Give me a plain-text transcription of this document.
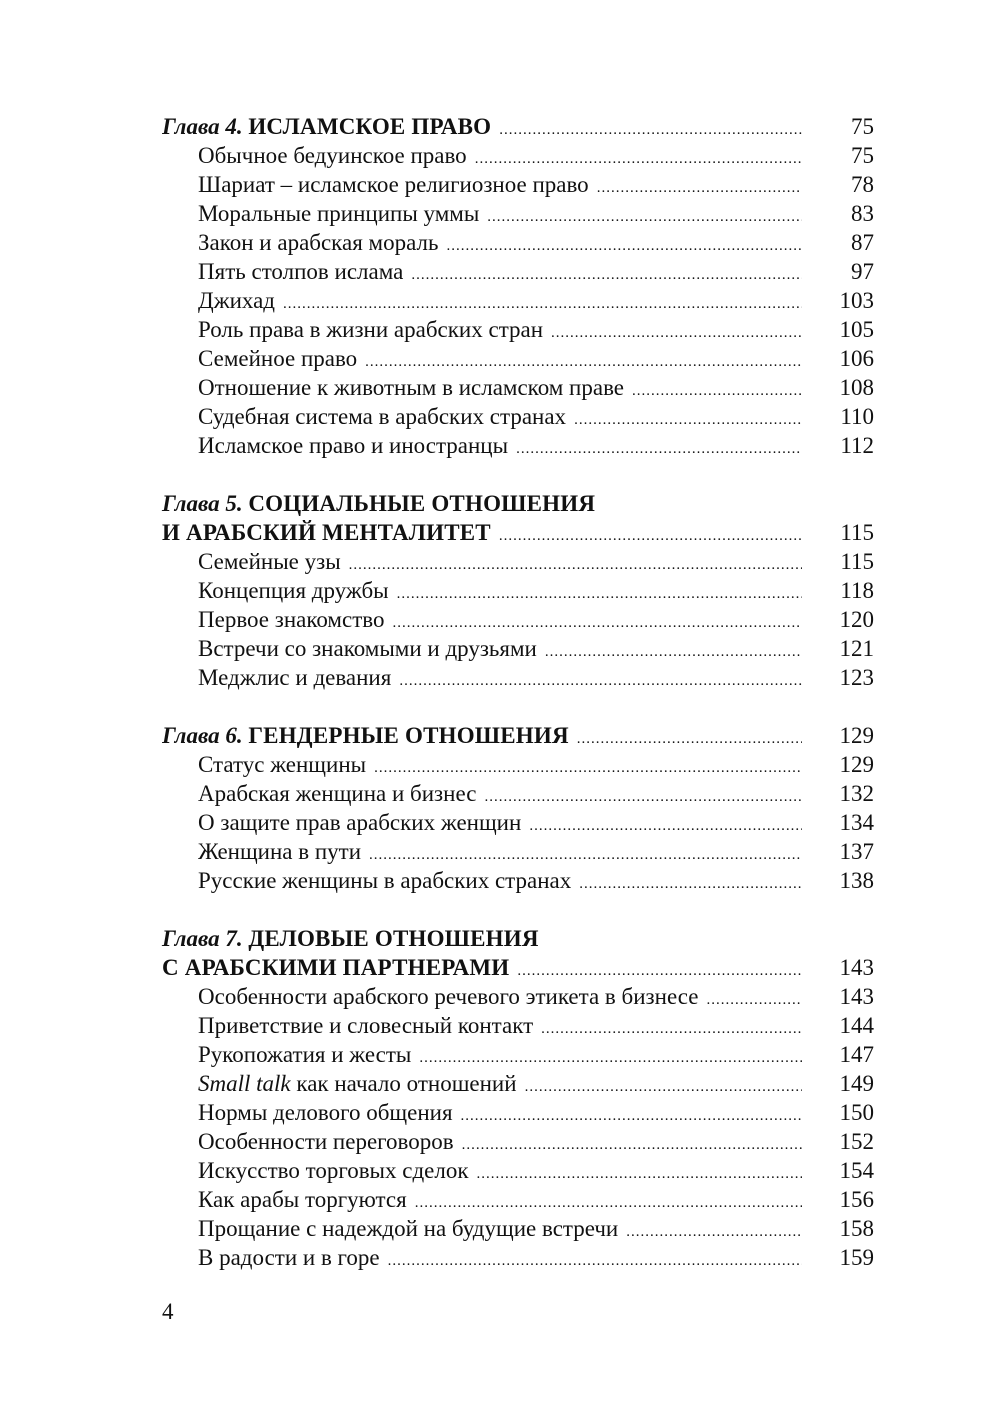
Глава 4. ИСЛАМСКОЕ ПРАВО .....	75
Обычное бедуинское право .....	75
Шариат – исламское религиозное право .....	78
Моральные принципы уммы .....	83
Закон и арабская мораль .....	87
Пять столпов ислама .....	97
Джихад .....	103
Роль права в жизни арабских стран .....	105
Семейное право .....	106
Отношение к животным в исламском праве .....	108
Судебная система в арабских странах .....	110
Исламское право и иностранцы .....	112
Глава 5. СОЦИАЛЬНЫЕ ОТНОШЕНИЯ
И АРАБСКИЙ МЕНТАЛИТЕТ .....	115
Семейные узы .....	115
Концепция дружбы .....	118
Первое знакомство .....	120
Встречи со знакомыми и друзьями .....	121
Меджлис и девания .....	123
Глава 6. ГЕНДЕРНЫЕ ОТНОШЕНИЯ .....	129
Статус женщины .....	129
Арабская женщина и бизнес .....	132
О защите прав арабских женщин .....	134
Женщина в пути .....	137
Русские женщины в арабских странах .....	138
Глава 7. ДЕЛОВЫЕ ОТНОШЕНИЯ
С АРАБСКИМИ ПАРТНЕРАМИ .....	143
Особенности арабского речевого этикета в бизнесе .....	143
Приветствие и словесный контакт .....	144
Рукопожатия и жесты .....	147
Small talk как начало отношений .....	149
Нормы делового общения .....	150
Особенности переговоров .....	152
Искусство торговых сделок .....	154
Как арабы торгуются .....	156
Прощание с надеждой на будущие встречи .....	158
В радости и в горе .....	159
4
